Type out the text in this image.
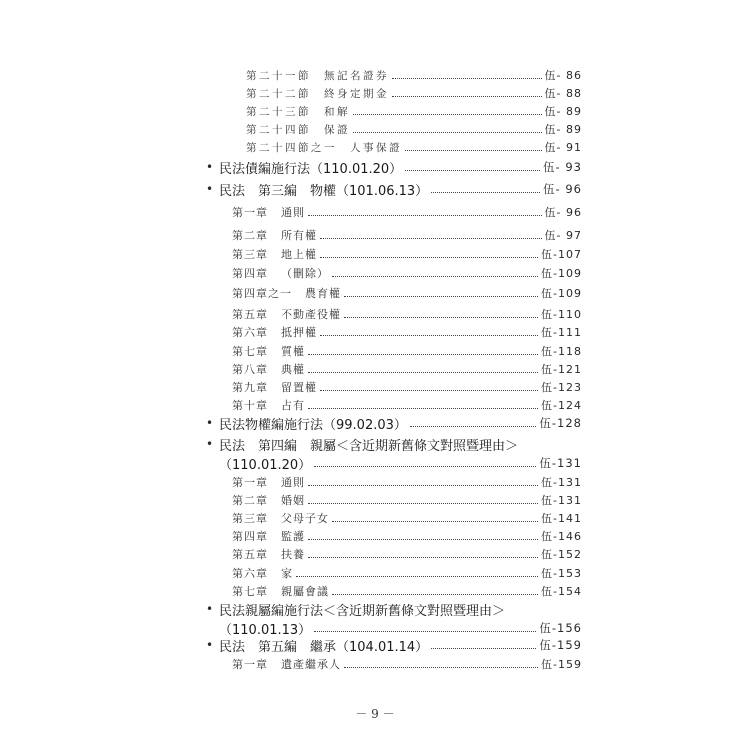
第二十一節 無記名證券	伍- 86
第二十二節 終身定期金	伍- 88
第二十三節 和解	伍- 89
第二十四節 保證	伍- 89
第二十四節之一 人事保證	伍- 91
• 民法債編施行法（110.01.20）	伍- 93
• 民法　第三編　物權（101.06.13）	伍- 96
第一章 通則	伍- 96
第二章 所有權	伍- 97
第三章 地上權	伍-107
第四章 （刪除）	伍-109
第四章之一 農育權	伍-109
第五章 不動產役權	伍-110
第六章 抵押權	伍-111
第七章 質權	伍-118
第八章 典權	伍-121
第九章 留置權	伍-123
第十章 占有	伍-124
• 民法物權編施行法（99.02.03）	伍-128
• 民法　第四編　親屬＜含近期新舊條文對照暨理由＞
（110.01.20）	伍-131
第一章 通則	伍-131
第二章 婚姻	伍-131
第三章 父母子女	伍-141
第四章 監護	伍-146
第五章 扶養	伍-152
第六章 家	伍-153
第七章 親屬會議	伍-154
• 民法親屬編施行法＜含近期新舊條文對照暨理由＞
（110.01.13）	伍-156
• 民法　第五編　繼承（104.01.14）	伍-159
第一章 遺產繼承人	伍-159
－ 9 －
